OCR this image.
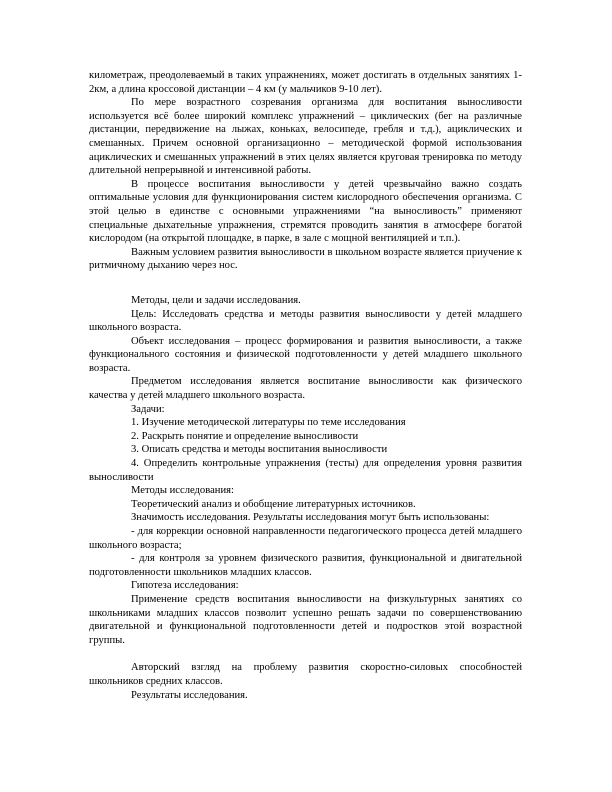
километраж, преодолеваемый в таких упражнениях, может достигать в отдельных занятиях 1-2км, а длина кроссовой дистанции – 4 км (у мальчиков 9-10 лет).

По мере возрастного созревания организма для воспитания выносливости используется всё более широкий комплекс упражнений – циклических (бег на различные дистанции, передвижение на лыжах, коньках, велосипеде, гребля и т.д.), ациклических и смешанных. Причем основной организационно – методической формой использования ациклических и смешанных упражнений в этих целях является круговая тренировка по методу длительной непрерывной и интенсивной работы.

В процессе воспитания выносливости у детей чрезвычайно важно создать оптимальные условия для функционирования систем кислородного обеспечения организма. С этой целью в единстве с основными упражнениями “на выносливость” применяют специальные дыхательные упражнения, стремятся проводить занятия в атмосфере богатой кислородом (на открытой площадке, в парке, в зале с мощной вентиляцией и т.п.).

Важным условием развития выносливости в школьном возрасте является приучение к ритмичному дыханию через нос.

Методы, цели и задачи исследования.

Цель: Исследовать средства и методы развития выносливости у детей младшего школьного возраста.

Объект исследования – процесс формирования и развития выносливости, а также функционального состояния и физической подготовленности у детей младшего школьного возраста.

Предметом исследования является воспитание выносливости как физического качества у детей младшего школьного возраста.

Задачи:

1. Изучение методической литературы по теме исследования

2. Раскрыть понятие и определение выносливости

3. Описать средства и методы воспитания выносливости

4. Определить контрольные упражнения (тесты) для определения уровня развития выносливости

Методы исследования:

Теоретический анализ и обобщение литературных источников.

Значимость исследования. Результаты исследования могут быть использованы:

- для коррекции основной направленности педагогического процесса детей младшего школьного возраста;

- для контроля за уровнем физического развития, функциональной и двигательной подготовленности школьников младших классов.

Гипотеза исследования:

Применение средств воспитания выносливости на физкультурных занятиях со школьниками младших классов позволит успешно решать задачи по совершенствованию двигательной и функциональной подготовленности детей и подростков этой возрастной группы.

Авторский взгляд на проблему развития скоростно-силовых способностей школьников средних классов.

Результаты исследования.
